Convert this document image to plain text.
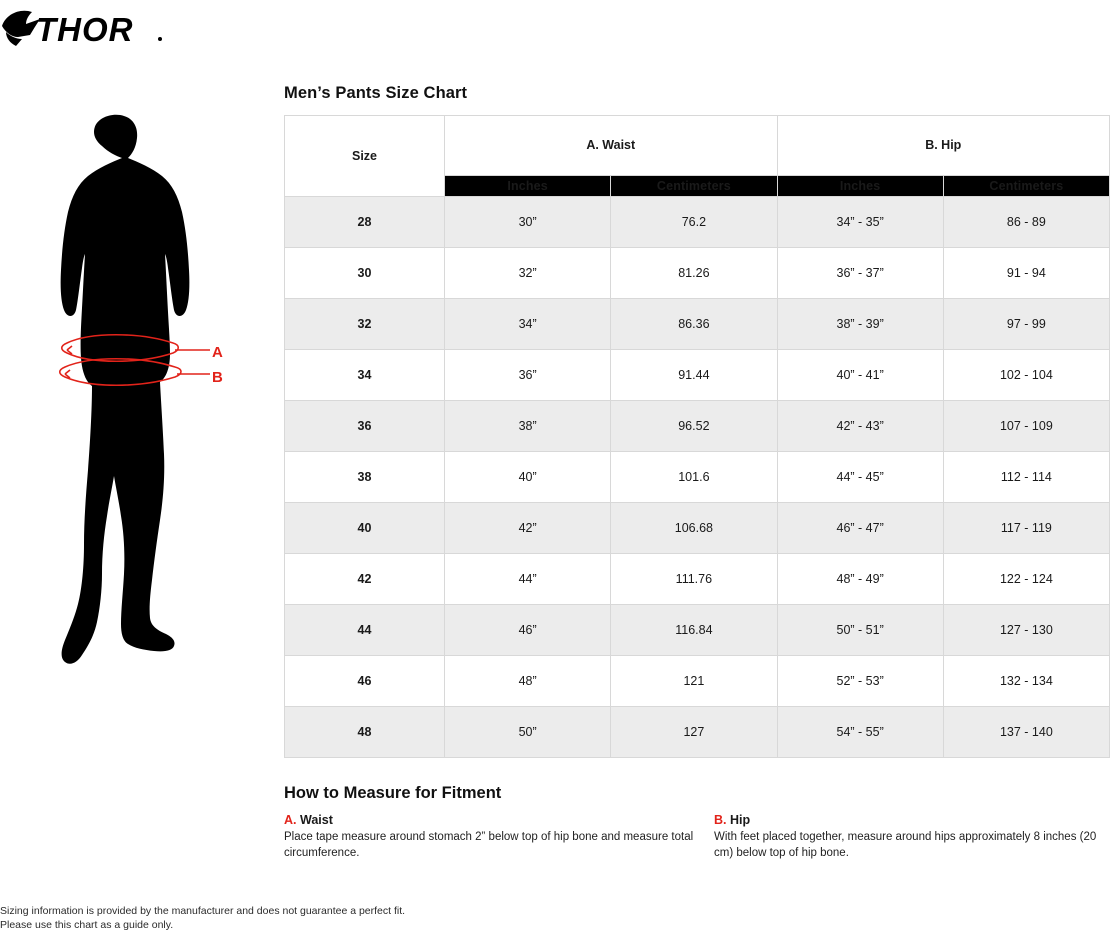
THOR
A
B
Men’s Pants Size Chart
Size	A. Waist		B. Hip	
	Inches	Centimeters	Inches	Centimeters
28	30”	76.2	34” - 35”	86 - 89
30	32”	81.26	36” - 37”	91 - 94
32	34”	86.36	38” - 39”	97 - 99
34	36”	91.44	40” - 41”	102 - 104
36	38”	96.52	42” - 43”	107 - 109
38	40”	101.6	44” - 45”	112 - 114
40	42”	106.68	46” - 47”	117 - 119
42	44”	111.76	48” - 49”	122 - 124
44	46”	116.84	50” - 51”	127 - 130
46	48”	121	52” - 53”	132 - 134
48	50”	127	54” - 55”	137 - 140
How to Measure for Fitment
A. Waist
Place tape measure around stomach 2” below top of hip bone and measure total circumference.
B. Hip
With feet placed together, measure around hips approximately 8 inches (20 cm) below top of hip bone.
Sizing information is provided by the manufacturer and does not guarantee a perfect fit.
Please use this chart as a guide only.
